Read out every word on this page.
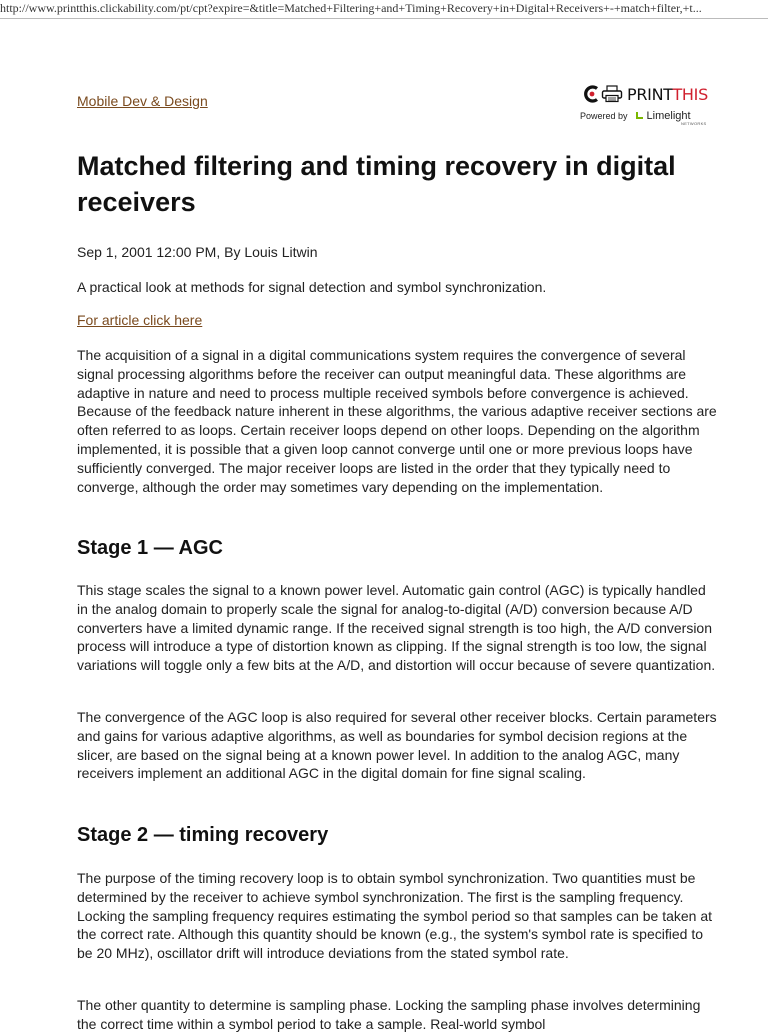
http://www.printthis.clickability.com/pt/cpt?expire=&title=Matched+Filtering+and+Timing+Recovery+in+Digital+Receivers+-+match+filter,+t...
Mobile Dev & Design	PRINTTHIS
Powered by Limelight
NETWORKS
Matched filtering and timing recovery in digital receivers

Sep 1, 2001 12:00 PM, By Louis Litwin

A practical look at methods for signal detection and symbol synchronization.

For article click here

The acquisition of a signal in a digital communications system requires the convergence of several signal processing algorithms before the receiver can output meaningful data. These algorithms are adaptive in nature and need to process multiple received symbols before convergence is achieved. Because of the feedback nature inherent in these algorithms, the various adaptive receiver sections are often referred to as loops. Certain receiver loops depend on other loops. Depending on the algorithm implemented, it is possible that a given loop cannot converge until one or more previous loops have sufficiently converged. The major receiver loops are listed in the order that they typically need to converge, although the order may sometimes vary depending on the implementation.

Stage 1 — AGC

This stage scales the signal to a known power level. Automatic gain control (AGC) is typically handled in the analog domain to properly scale the signal for analog-to-digital (A/D) conversion because A/D converters have a limited dynamic range. If the received signal strength is too high, the A/D conversion process will introduce a type of distortion known as clipping. If the signal strength is too low, the signal variations will toggle only a few bits at the A/D, and distortion will occur because of severe quantization.

The convergence of the AGC loop is also required for several other receiver blocks. Certain parameters and gains for various adaptive algorithms, as well as boundaries for symbol decision regions at the slicer, are based on the signal being at a known power level. In addition to the analog AGC, many receivers implement an additional AGC in the digital domain for fine signal scaling.

Stage 2 — timing recovery

The purpose of the timing recovery loop is to obtain symbol synchronization. Two quantities must be determined by the receiver to achieve symbol synchronization. The first is the sampling frequency. Locking the sampling frequency requires estimating the symbol period so that samples can be taken at the correct rate. Although this quantity should be known (e.g., the system's symbol rate is specified to be 20 MHz), oscillator drift will introduce deviations from the stated symbol rate.

The other quantity to determine is sampling phase. Locking the sampling phase involves determining the correct time within a symbol period to take a sample. Real-world symbol
